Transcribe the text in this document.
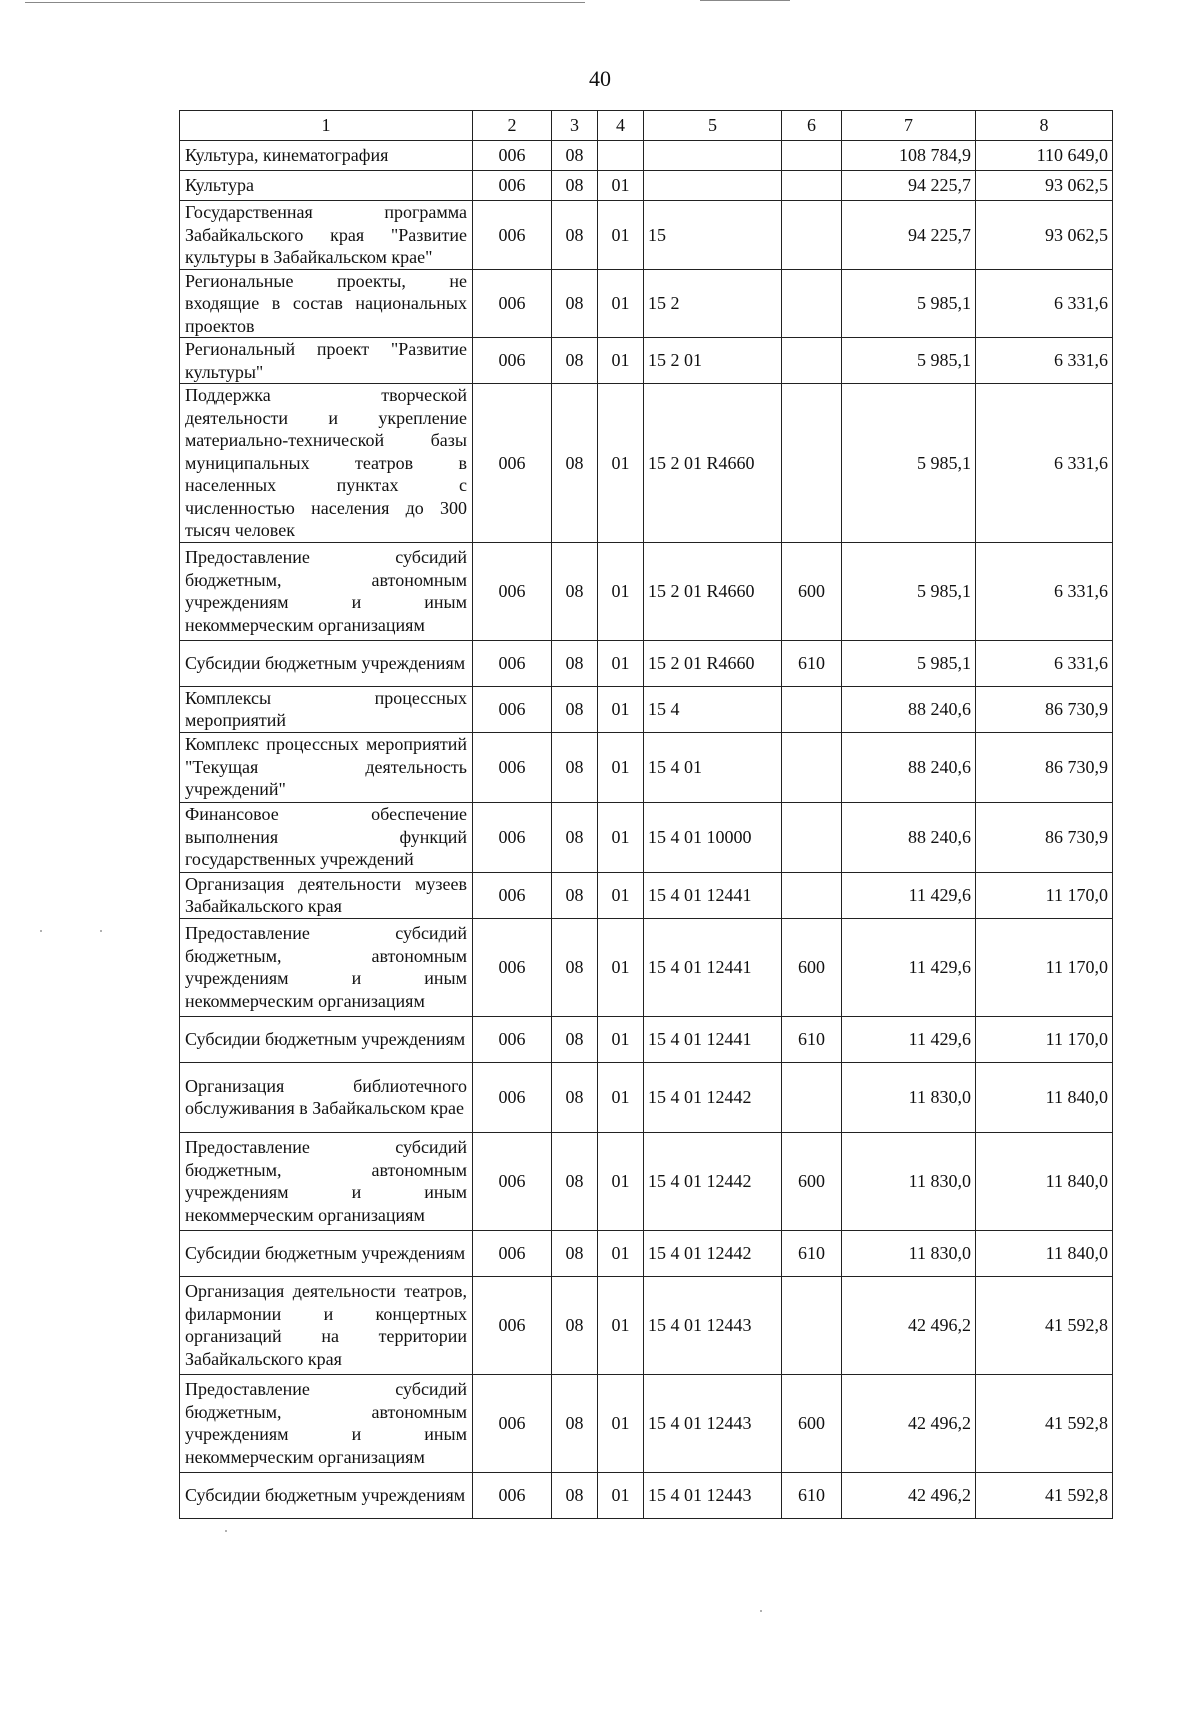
40
1	2	3	4	5	6	7	8
Культура, кинематография	006	08				108 784,9	110 649,0
Культура	006	08	01			94 225,7	93 062,5
Государственная программа Забайкальского края "Развитие культуры в Забайкальском крае"	006	08	01	15		94 225,7	93 062,5
Региональные проекты, не входящие в состав национальных проектов	006	08	01	15 2		5 985,1	6 331,6
Региональный проект "Развитие культуры"	006	08	01	15 2 01		5 985,1	6 331,6
Поддержка творческой деятельности и укрепление материально-технической базы муниципальных театров в населенных пунктах с численностью населения до 300 тысяч человек	006	08	01	15 2 01 R4660		5 985,1	6 331,6
Предоставление субсидий бюджетным, автономным учреждениям и иным некоммерческим организациям	006	08	01	15 2 01 R4660	600	5 985,1	6 331,6
Субсидии бюджетным учреждениям	006	08	01	15 2 01 R4660	610	5 985,1	6 331,6
Комплексы процессных мероприятий	006	08	01	15 4		88 240,6	86 730,9
Комплекс процессных мероприятий "Текущая деятельность учреждений"	006	08	01	15 4 01		88 240,6	86 730,9
Финансовое обеспечение выполнения функций государственных учреждений	006	08	01	15 4 01 10000		88 240,6	86 730,9
Организация деятельности музеев Забайкальского края	006	08	01	15 4 01 12441		11 429,6	11 170,0
Предоставление субсидий бюджетным, автономным учреждениям и иным некоммерческим организациям	006	08	01	15 4 01 12441	600	11 429,6	11 170,0
Субсидии бюджетным учреждениям	006	08	01	15 4 01 12441	610	11 429,6	11 170,0
Организация библиотечного обслуживания в Забайкальском крае	006	08	01	15 4 01 12442		11 830,0	11 840,0
Предоставление субсидий бюджетным, автономным учреждениям и иным некоммерческим организациям	006	08	01	15 4 01 12442	600	11 830,0	11 840,0
Субсидии бюджетным учреждениям	006	08	01	15 4 01 12442	610	11 830,0	11 840,0
Организация деятельности театров, филармонии и концертных организаций на территории Забайкальского края	006	08	01	15 4 01 12443		42 496,2	41 592,8
Предоставление субсидий бюджетным, автономным учреждениям и иным некоммерческим организациям	006	08	01	15 4 01 12443	600	42 496,2	41 592,8
Субсидии бюджетным учреждениям	006	08	01	15 4 01 12443	610	42 496,2	41 592,8
